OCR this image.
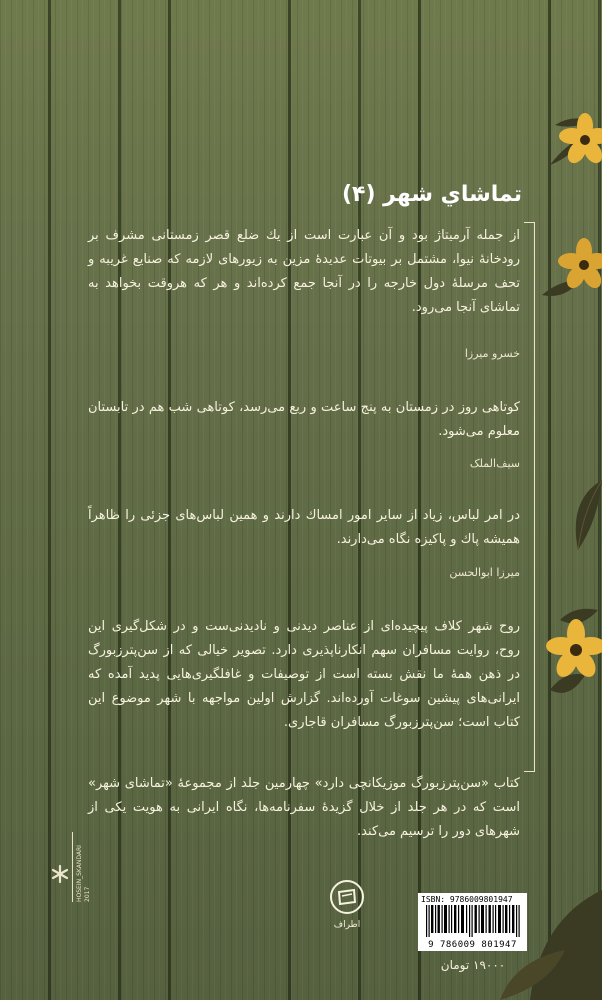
تماشاي شهر (۴)
از جمله آرمیتاژ بود و آن عبارت است از یك ضلع قصر زمستانی مشرف بر رودخانهٔ نیوا، مشتمل بر بیوتات عدیدهٔ مزین به زیورهای لازمه که صنایع غریبه و تحف مرسلهٔ دول خارجه را در آنجا جمع کرده‌اند و هر که هروقت بخواهد به تماشای آنجا می‌رود.
خسرو میرزا
کوتاهی روز در زمستان به پنج ساعت و ربع می‌رسد، کوتاهی شب هم در تابستان معلوم می‌شود.
سیف‌الملک
در امر لباس، زیاد از سایر امور امساك دارند و همین لباس‌های جزئی را ظاهراً همیشه پاك و پاکیزه نگاه می‌دارند.
میرزا ابوالحسن
روح شهر کلاف پیچیده‌ای از عناصر دیدنی و نادیدنی‌ست و در شکل‌گیری این روح، روایت مسافران سهم انکارناپذیری دارد. تصویر خیالی که از سن‌پترزبورگ در ذهن همهٔ ما نقش بسته است از توصیفات و غافلگیری‌هایی پدید آمده که ایرانی‌های پیشین سوغات آورده‌اند. گزارش اولین مواجهه با شهر موضوع این کتاب است؛ سن‌پترزبورگ مسافران قاجاری.
کتاب «سن‌پترزبورگ موزیکانچی دارد» چهارمین جلد از مجموعهٔ «تماشای شهر» است که در هر جلد از خلال گزیدهٔ سفرنامه‌ها، نگاه ایرانی به هویت یکی از شهرهای دور را ترسیم می‌کند.
HOSEIN_SKANDARI
2017
اطراف
ISBN: 9786009801947
9 786009 801947
۱۹۰۰۰ تومان
